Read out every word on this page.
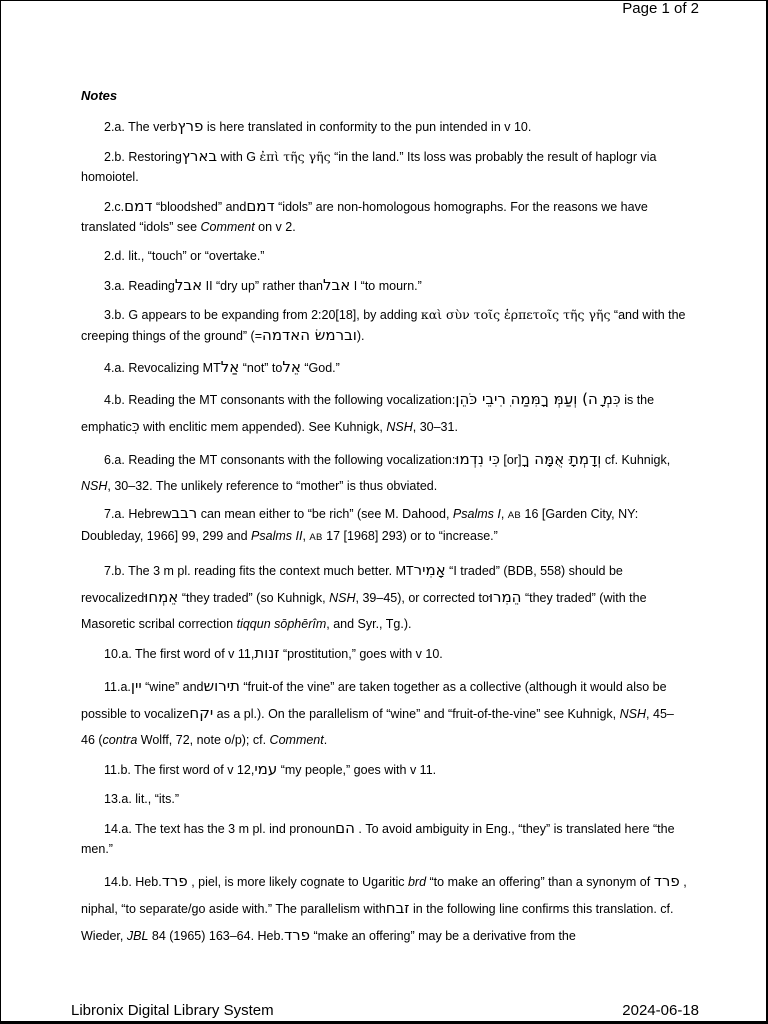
Page 1 of 2

Notes

2.a. The verbפרץ is here translated in conformity to the pun intended in v 10.

2.b. Restoringבארץ with G ἐπὶ τῆς γῆς “in the land.” Its loss was probably the result of haplogr via homoiotel.

2.c.דמם “bloodshed” andדמם “idols” are non-homologous homographs. For the reasons we have translated “idols” see Comment on v 2.

2.d. lit., “touch” or “overtake.”

3.a. Readingאבל II “dry up” rather thanאבל I “to mourn.”

3.b. G appears to be expanding from 2:20[18], by adding καὶ σὺν τοῖς ἑρπετοῖς τῆς γῆς “and with the creeping things of the ground” (=וברמשׂ האדמה).

4.a. Revocalizing MTאַל “not” toאֵל “God.”

4.b. Reading the MT consonants with the following vocalization:וְעַמְּ ךָמִּמַה ִרִיבֵי כֹּהֵן (כִּמְ ָה is the emphaticכִּ with enclitic mem appended). See Kuhnigk, NSH, 30–31.

6.a. Reading the MT consonants with the following vocalization:כִּי נִדְמוּ [or]וְדָמְתָ ּאֻמָּה ךָ cf. Kuhnigk, NSH, 30–32. The unlikely reference to “mother” is thus obviated.

7.a. Hebrewרבב can mean either to “be rich” (see M. Dahood, Psalms I, AB 16 [Garden City, NY: Doubleday, 1966] 99, 299 and Psalms II, AB 17 [1968] 293) or to “increase.”

7.b. The 3 m pl. reading fits the context much better. MTאָמִיר “I traded” (BDB, 558) should be revocalizedאֵמְחוּ “they traded” (so Kuhnigk, NSH, 39–45), or corrected toהֵמִרוּ “they traded” (with the Masoretic scribal correction tiqqun sōphērîm, and Syr., Tg.).

10.a. The first word of v 11,זנות “prostitution,” goes with v 10.

11.a.יין “wine” andתירוש “fruit-of the vine” are taken together as a collective (although it would also be possible to vocalizeיקח as a pl.). On the parallelism of “wine” and “fruit-of-the-vine” see Kuhnigk, NSH, 45–46 (contra Wolff, 72, note o/p); cf. Comment.

11.b. The first word of v 12,עמי “my people,” goes with v 11.

13.a. lit., “its.”

14.a. The text has the 3 m pl. ind pronounהם . To avoid ambiguity in Eng., “they” is translated here “the men.”

14.b. Heb.פרד , piel, is more likely cognate to Ugaritic brd “to make an offering” than a synonym of פרד , niphal, “to separate/go aside with.” The parallelism withזבח in the following line confirms this translation. cf. Wieder, JBL 84 (1965) 163–64. Heb.פרד “make an offering” may be a derivative from the

Libronix Digital Library System	2024-06-18
